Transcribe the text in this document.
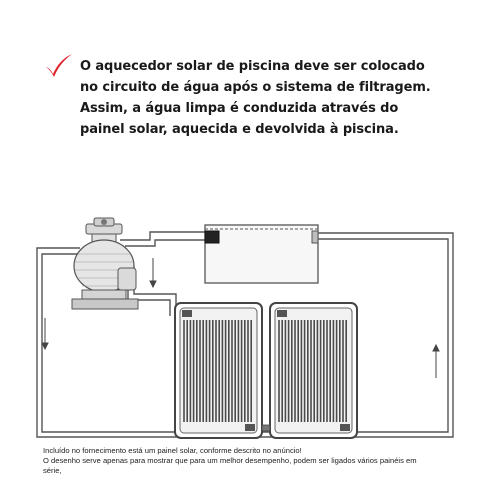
O aquecedor solar de piscina deve ser colocado
no circuito de água após o sistema de filtragem.
Assim, a água limpa é conduzida através do
painel solar, aquecida e devolvida à piscina.

Incluído no fornecimento está um painel solar, conforme descrito no anúncio!
O desenho serve apenas para mostrar que para um melhor desempenho, podem ser ligados vários painéis em
série,
